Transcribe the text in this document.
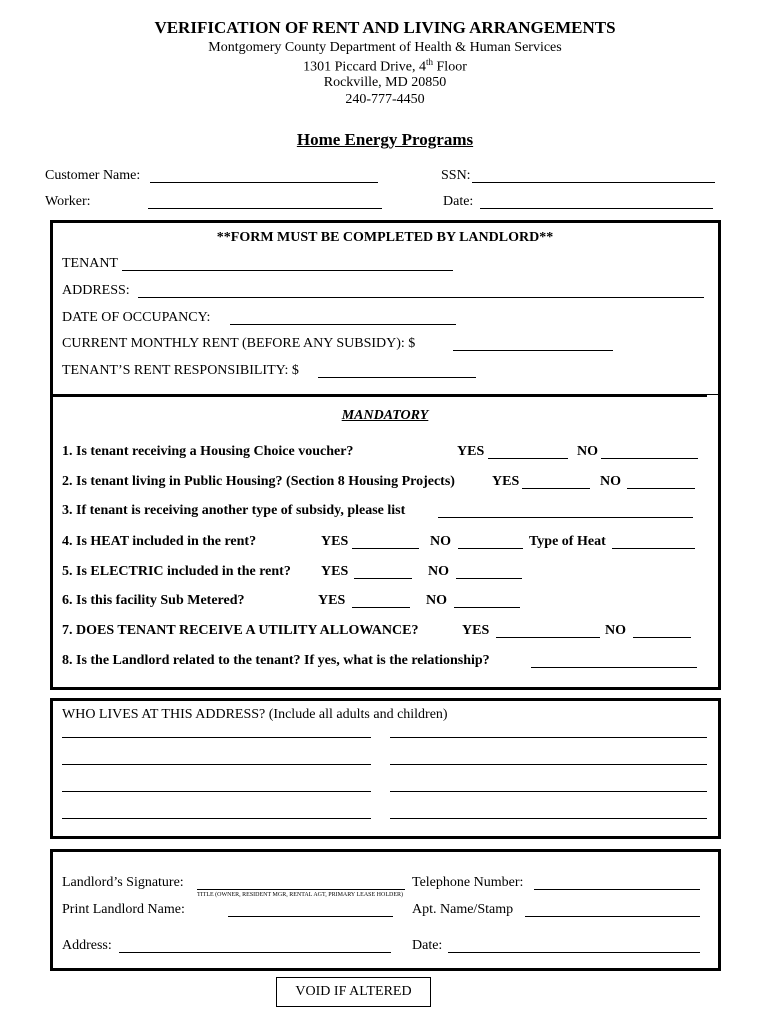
VERIFICATION OF RENT AND LIVING ARRANGEMENTS
Montgomery County Department of Health & Human Services
1301 Piccard Drive, 4th Floor
Rockville, MD 20850
240-777-4450
Home Energy Programs
Customer Name:	SSN:
Worker:	Date:
**FORM MUST BE COMPLETED BY LANDLORD**
TENANT
ADDRESS:
DATE OF OCCUPANCY:
CURRENT MONTHLY RENT (BEFORE ANY SUBSIDY): $
TENANT’S RENT RESPONSIBILITY: $
MANDATORY
1. Is tenant receiving a Housing Choice voucher?	YES	NO
2. Is tenant living in Public Housing? (Section 8 Housing Projects)	YES	NO
3. If tenant is receiving another type of subsidy, please list
4. Is HEAT included in the rent?	YES	NO	Type of Heat
5. Is ELECTRIC included in the rent? YES	NO
6. Is this facility Sub Metered?	YES	NO
7. DOES TENANT RECEIVE A UTILITY ALLOWANCE?	YES	NO
8. Is the Landlord related to the tenant? If yes, what is the relationship?
WHO LIVES AT THIS ADDRESS? (Include all adults and children)
Landlord’s Signature:
TITLE (OWNER, RESIDENT MGR, RENTAL AGT, PRIMARY LEASE HOLDER)
Telephone Number:
Print Landlord Name:	Apt. Name/Stamp
Address:	Date:
VOID IF ALTERED
